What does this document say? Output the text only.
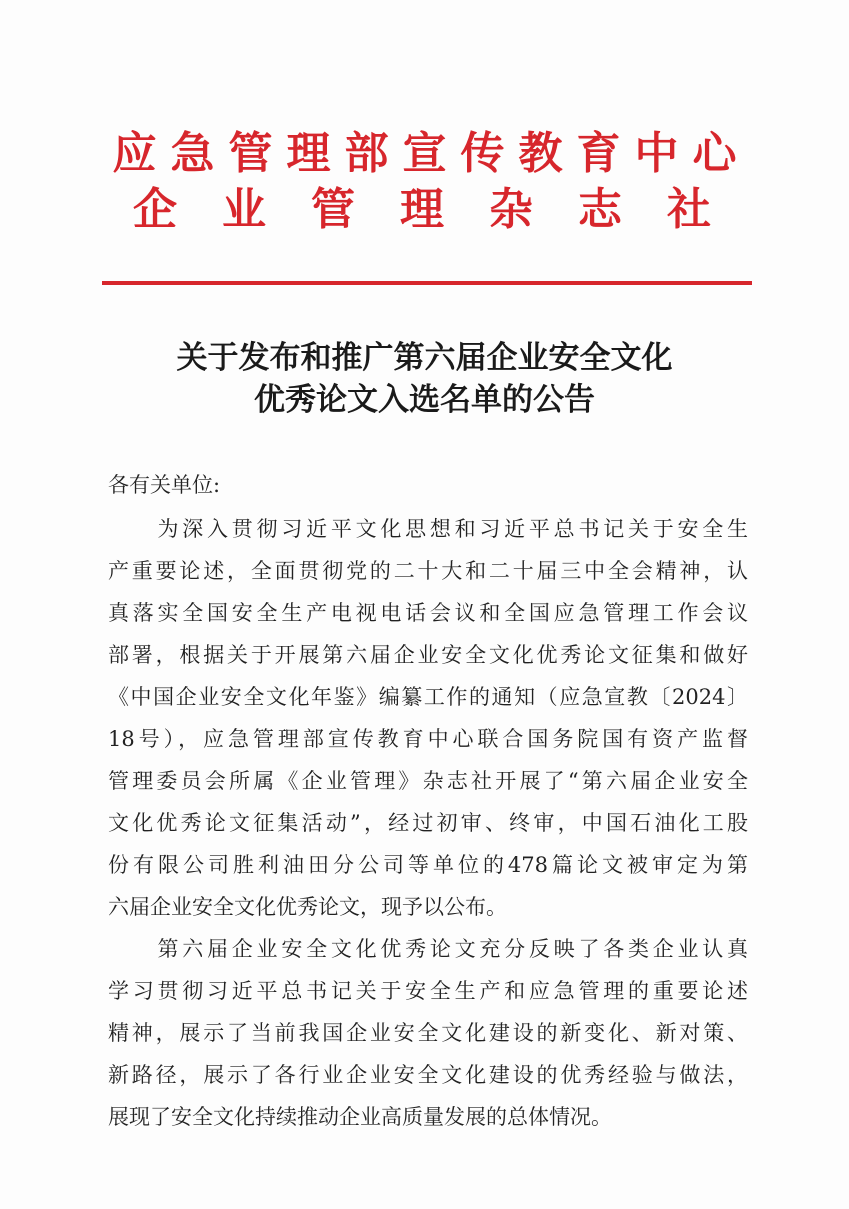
应急管理部宣传教育中心
企业管理杂志社
关于发布和推广第六届企业安全文化
优秀论文入选名单的公告
各有关单位:

　　为深入贯彻习近平文化思想和习近平总书记关于安全生
产重要论述，全面贯彻党的二十大和二十届三中全会精神，认
真落实全国安全生产电视电话会议和全国应急管理工作会议
部署，根据关于开展第六届企业安全文化优秀论文征集和做好
《中国企业安全文化年鉴》编纂工作的通知（应急宣教〔2024〕
18号），应急管理部宣传教育中心联合国务院国有资产监督
管理委员会所属《企业管理》杂志社开展了“第六届企业安全
文化优秀论文征集活动”，经过初审、终审，中国石油化工股
份有限公司胜利油田分公司等单位的478篇论文被审定为第
六届企业安全文化优秀论文，现予以公布。

　　第六届企业安全文化优秀论文充分反映了各类企业认真
学习贯彻习近平总书记关于安全生产和应急管理的重要论述
精神，展示了当前我国企业安全文化建设的新变化、新对策、
新路径，展示了各行业企业安全文化建设的优秀经验与做法，
展现了安全文化持续推动企业高质量发展的总体情况。
